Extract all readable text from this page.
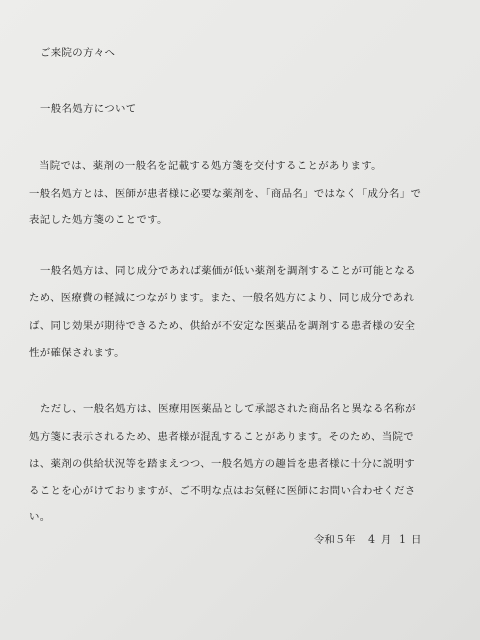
ご来院の方々へ
一般名処方について
当院では、薬剤の一般名を記載する処方箋を交付することがあります。
一般名処方とは、医師が患者様に必要な薬剤を、「商品名」ではなく「成分名」で
表記した処方箋のことです。
一般名処方は、同じ成分であれば薬価が低い薬剤を調剤することが可能となる
ため、医療費の軽減につながります。また、一般名処方により、同じ成分であれ
ば、同じ効果が期待できるため、供給が不安定な医薬品を調剤する患者様の安全
性が確保されます。
ただし、一般名処方は、医療用医薬品として承認された商品名と異なる名称が
処方箋に表示されるため、患者様が混乱することがあります。そのため、当院で
は、薬剤の供給状況等を踏まえつつ、一般名処方の趣旨を患者様に十分に説明す
ることを心がけておりますが、ご不明な点はお気軽に医師にお問い合わせくださ
い。
令和５年 4 月 1 日
